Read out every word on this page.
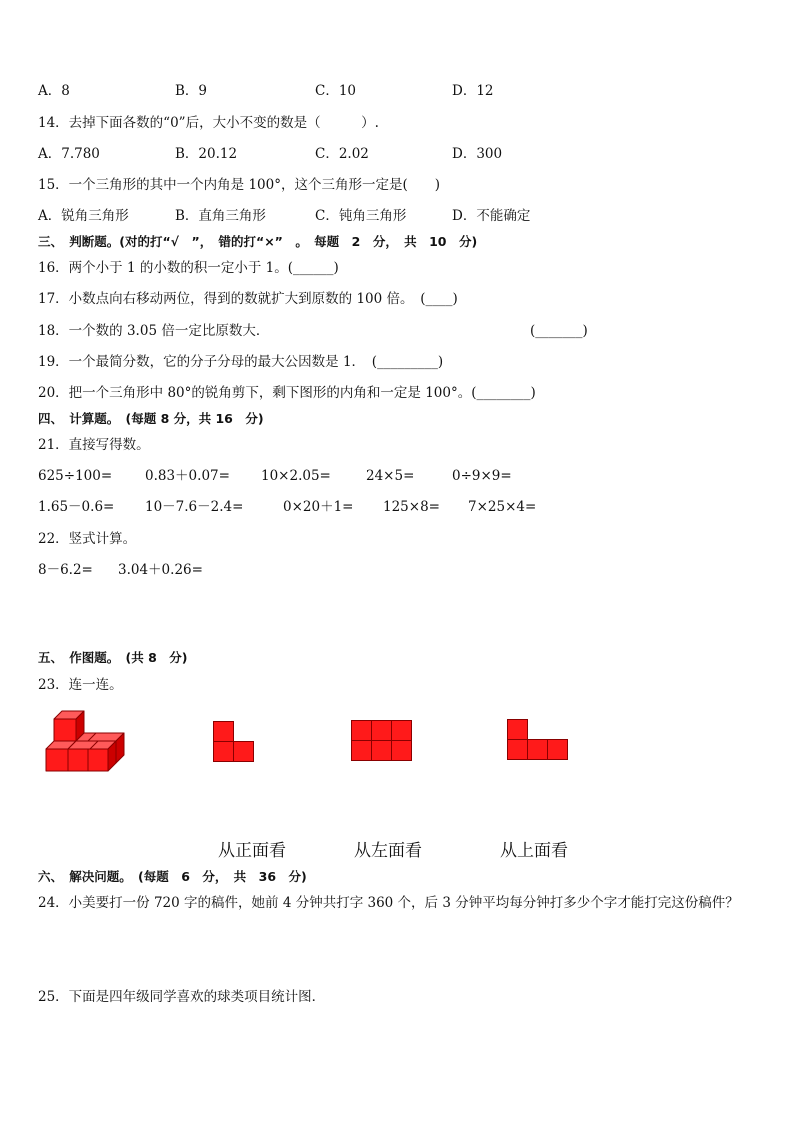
A．8	B．9	C．10	D．12
14．去掉下面各数的“0”后，大小不变的数是（　　　）.
A．7.780	B．20.12	C．2.02	D．300
15．一个三角形的其中一个内角是 100°，这个三角形一定是(　　)
A．锐角三角形	B．直角三角形	C．钝角三角形	D．不能确定
三、　判断题。(对的打“√　”，　错的打“×”　。　每题　2　分，　共　10　分)
16．两个小于 1 的小数的积一定小于 1。(______)
17．小数点向右移动两位，得到的数就扩大到原数的 100 倍。　(____)
18．一个数的 3.05 倍一定比原数大．	(_______)
19．一个最简分数，它的分子分母的最大公因数是 1．　(_________)
20．把一个三角形中 80°的锐角剪下，剩下图形的内角和一定是 100°。(________)
四、　计算题。　(每题 8 分，共 16　分)
21．直接写得数。
625÷100= 0.83＋0.07= 10×2.05=	24×5=	0÷9×9=
1.65－0.6= 10－7.6－2.4=	0×20＋1= 125×8= 7×25×4=
22．竖式计算。
8－6.2= 3.04＋0.26=
五、　作图题。　(共 8　分)
23．连一连。
从正面看	从左面看	从上面看
六、　解决问题。　(每题　6　分，　共　36　分)
24．小美要打一份 720 字的稿件，她前 4 分钟共打字 360 个，后 3 分钟平均每分钟打多少个字才能打完这份稿件？
25．下面是四年级同学喜欢的球类项目统计图．
